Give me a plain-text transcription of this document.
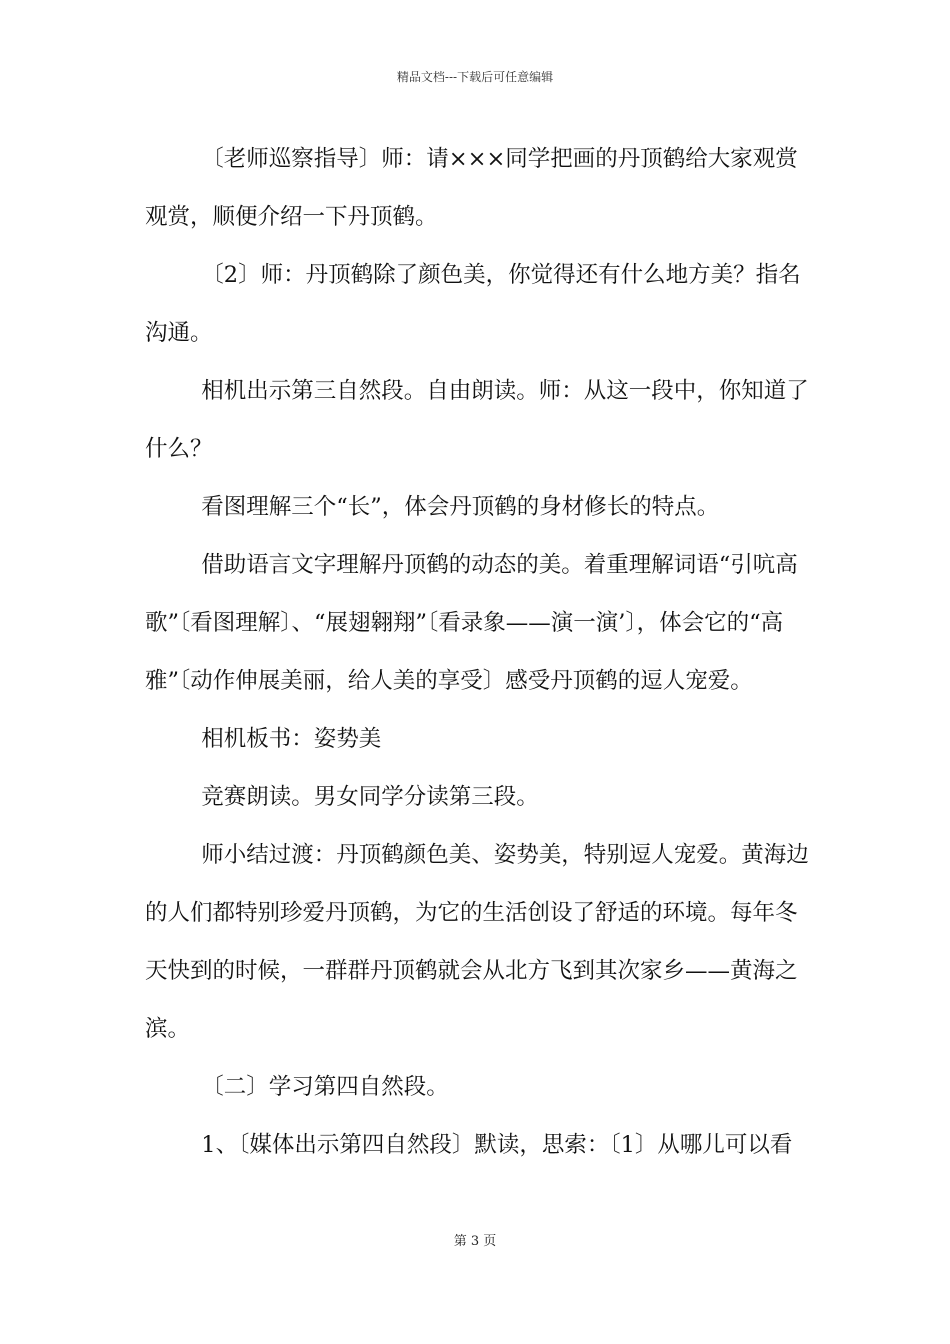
精品文档---下载后可任意编辑

〔老师巡察指导〕师：请×××同学把画的丹顶鹤给大家观赏观赏，顺便介绍一下丹顶鹤。

〔2〕师：丹顶鹤除了颜色美，你觉得还有什么地方美？指名沟通。

相机出示第三自然段。自由朗读。师：从这一段中，你知道了什么？

看图理解三个“长”，体会丹顶鹤的身材修长的特点。

借助语言文字理解丹顶鹤的动态的美。着重理解词语“引吭高歌”〔看图理解〕、“展翅翱翔”〔看录象——演一演’〕，体会它的“高雅”〔动作伸展美丽，给人美的享受〕感受丹顶鹤的逗人宠爱。

相机板书：姿势美

竞赛朗读。男女同学分读第三段。

师小结过渡：丹顶鹤颜色美、姿势美，特别逗人宠爱。黄海边的人们都特别珍爱丹顶鹤，为它的生活创设了舒适的环境。每年冬天快到的时候，一群群丹顶鹤就会从北方飞到其次家乡——黄海之滨。

〔二〕学习第四自然段。

1、〔媒体出示第四自然段〕默读，思索：〔1〕从哪儿可以看

第 3 页
